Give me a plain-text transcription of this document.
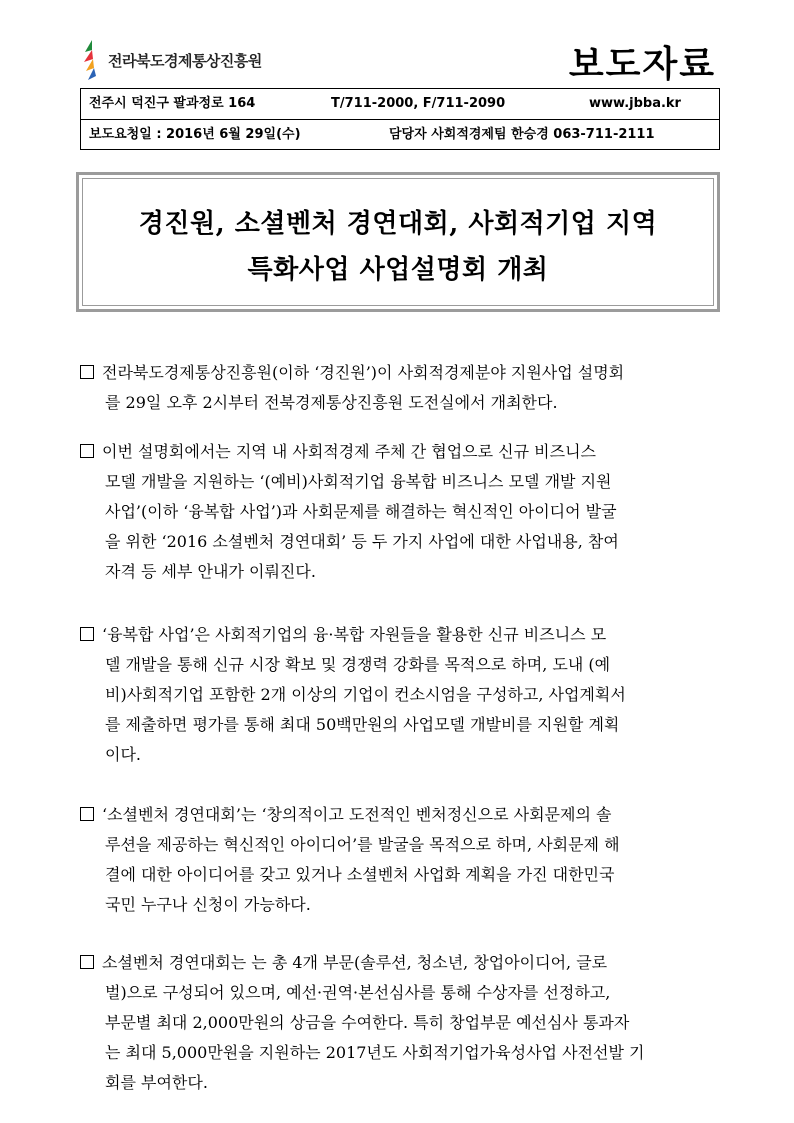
전라북도경제통상진흥원	보도자료
전주시 덕진구 팔과정로 164	T/711-2000, F/711-2090	www.jbba.kr
보도요청일 : 2016년 6월 29일(수)	담당자 사회적경제팀 한승경 063-711-2111
경진원, 소셜벤처 경연대회, 사회적기업 지역
특화사업 사업설명회 개최
전라북도경제통상진흥원(이하 ‘경진원’)이 사회적경제분야 지원사업 설명회
를 29일 오후 2시부터 전북경제통상진흥원 도전실에서 개최한다.
이번 설명회에서는 지역 내 사회적경제 주체 간 협업으로 신규 비즈니스
모델 개발을 지원하는 ‘(예비)사회적기업 융복합 비즈니스 모델 개발 지원
사업’(이하 ‘융복합 사업’)과 사회문제를 해결하는 혁신적인 아이디어 발굴
을 위한 ‘2016 소셜벤처 경연대회’ 등 두 가지 사업에 대한 사업내용, 참여
자격 등 세부 안내가 이뤄진다.
‘융복합 사업’은 사회적기업의 융·복합 자원들을 활용한 신규 비즈니스 모
델 개발을 통해 신규 시장 확보 및 경쟁력 강화를 목적으로 하며, 도내 (예
비)사회적기업 포함한 2개 이상의 기업이 컨소시엄을 구성하고, 사업계획서
를 제출하면 평가를 통해 최대 50백만원의 사업모델 개발비를 지원할 계획
이다.
‘소셜벤처 경연대회’는 ‘창의적이고 도전적인 벤처정신으로 사회문제의 솔
루션을 제공하는 혁신적인 아이디어’를 발굴을 목적으로 하며, 사회문제 해
결에 대한 아이디어를 갖고 있거나 소셜벤처 사업화 계획을 가진 대한민국
국민 누구나 신청이 가능하다.
소셜벤처 경연대회는 는 총 4개 부문(솔루션, 청소년, 창업아이디어, 글로
벌)으로 구성되어 있으며, 예선·권역·본선심사를 통해 수상자를 선정하고,
부문별 최대 2,000만원의 상금을 수여한다. 특히 창업부문 예선심사 통과자
는 최대 5,000만원을 지원하는 2017년도 사회적기업가육성사업 사전선발 기
회를 부여한다.
